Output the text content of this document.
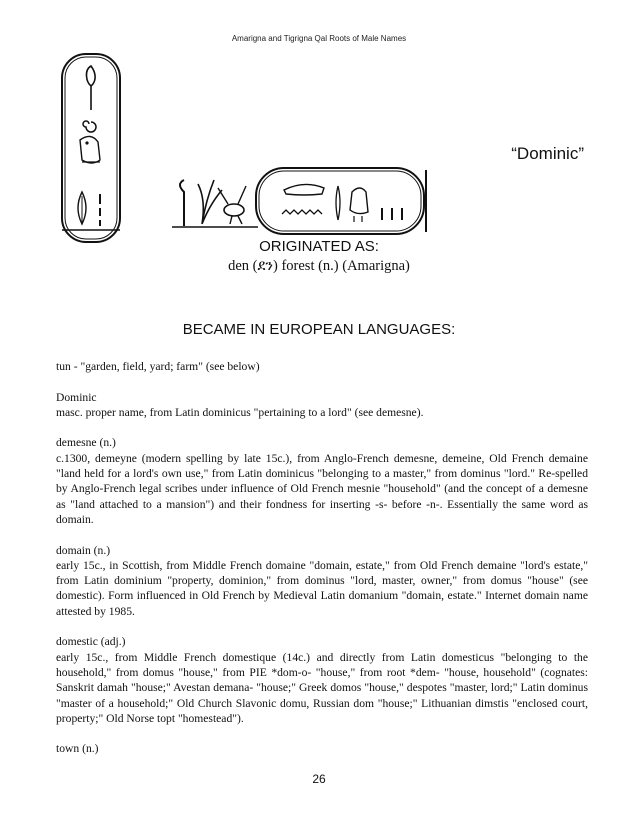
Amarigna and Tigrigna Qal Roots of Male Names
“Dominic”
ORIGINATED AS:
den (ደን) forest (n.) (Amarigna)
BECAME IN EUROPEAN LANGUAGES:
tun - "garden, field, yard; farm" (see below)
Dominic
masc. proper name, from Latin dominicus "pertaining to a lord" (see demesne).
demesne (n.)
c.1300, demeyne (modern spelling by late 15c.), from Anglo-French demesne, demeine, Old French demaine "land held for a lord's own use," from Latin dominicus "belonging to a master," from dominus "lord." Re-spelled by Anglo-French legal scribes under influence of Old French mesnie "household" (and the concept of a demesne as "land attached to a mansion") and their fondness for inserting -s- before -n-. Essentially the same word as domain.
domain (n.)
early 15c., in Scottish, from Middle French domaine "domain, estate," from Old French demaine "lord's estate," from Latin dominium "property, dominion," from dominus "lord, master, owner," from domus "house" (see domestic). Form influenced in Old French by Medieval Latin domanium "domain, estate." Internet domain name attested by 1985.
domestic (adj.)
early 15c., from Middle French domestique (14c.) and directly from Latin domesticus "belonging to the household," from domus "house," from PIE *dom-o- "house," from root *dem- "house, household" (cognates: Sanskrit damah "house;" Avestan demana- "house;" Greek domos "house," despotes "master, lord;" Latin dominus "master of a household;" Old Church Slavonic domu, Russian dom "house;" Lithuanian dimstis "enclosed court, property;" Old Norse topt "homestead").
town (n.)
26
